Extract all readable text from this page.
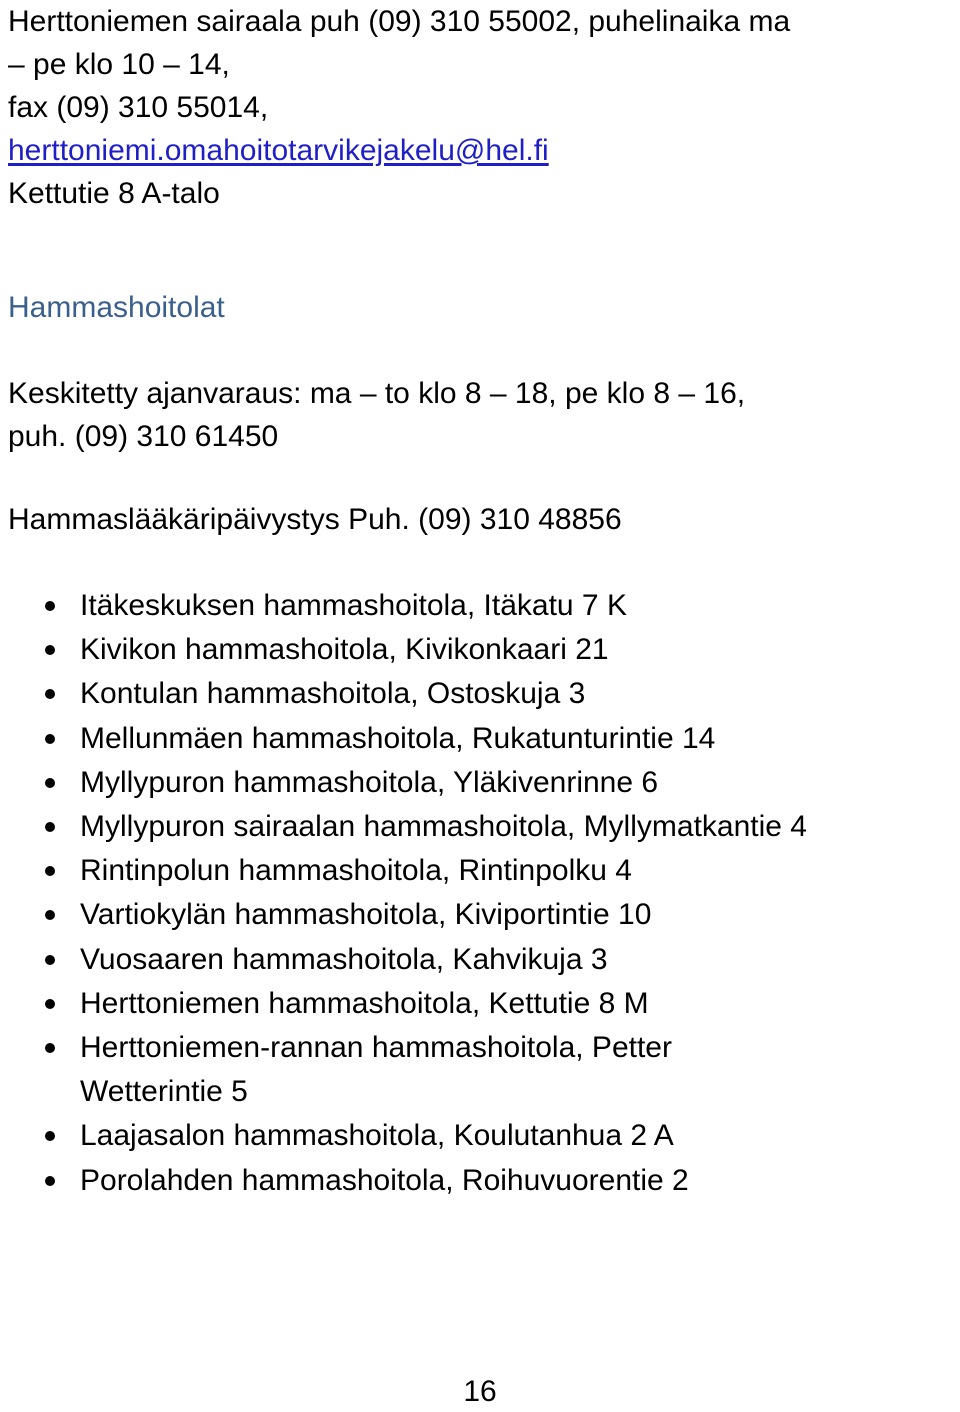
Herttoniemen sairaala puh (09) 310 55002, puhelinaika ma
– pe klo 10 – 14,
fax (09) 310 55014,
herttoniemi.omahoitotarvikejakelu@hel.fi
Kettutie 8 A-talo
Hammashoitolat
Keskitetty ajanvaraus: ma – to klo 8 – 18, pe klo 8 – 16,
puh. (09) 310 61450
Hammaslääkäripäivystys Puh. (09) 310 48856
Itäkeskuksen hammashoitola, Itäkatu 7 K
Kivikon hammashoitola, Kivikonkaari 21
Kontulan hammashoitola, Ostoskuja 3
Mellunmäen hammashoitola, Rukatunturintie 14
Myllypuron hammashoitola, Yläkivenrinne 6
Myllypuron sairaalan hammashoitola, Myllymatkantie 4
Rintinpolun hammashoitola, Rintinpolku 4
Vartiokylän hammashoitola, Kiviportintie 10
Vuosaaren hammashoitola, Kahvikuja 3
Herttoniemen hammashoitola, Kettutie 8 M
Herttoniemen-rannan hammashoitola, Petter Wetterintie 5
Laajasalon hammashoitola, Koulutanhua 2 A
Porolahden hammashoitola, Roihuvuorentie 2
16
